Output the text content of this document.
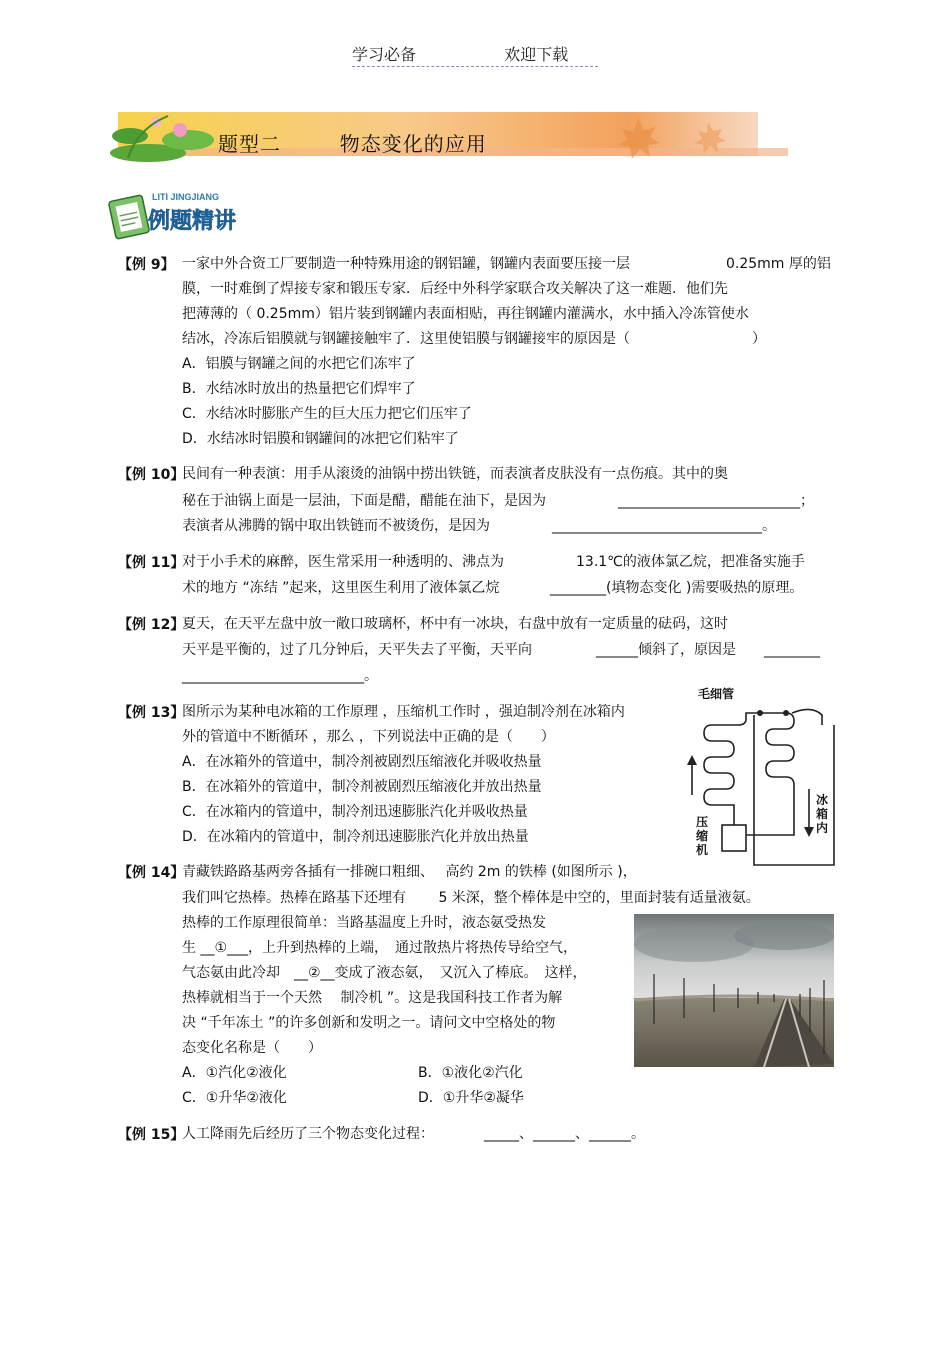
学习必备	欢迎下载
题型二	物态变化的应用
LITI JINGJIANG
例题精讲
【例 9】 一家中外合资工厂要制造一种特殊用途的钢铝罐，钢罐内表面要压接一层	0.25mm 厚的铝
膜，一时难倒了焊接专家和锻压专家．后经中外科学家联合攻关解决了这一难题．他们先
把薄薄的（ 0.25mm）铝片装到钢罐内表面相贴，再往钢罐内灌满水，水中插入冷冻管使水
结冰，冷冻后铝膜就与钢罐接触牢了．这里使铝膜与钢罐接牢的原因是（	）
A．铝膜与钢罐之间的水把它们冻牢了
B．水结冰时放出的热量把它们焊牢了
C．水结冰时膨胀产生的巨大压力把它们压牢了
D．水结冰时铝膜和钢罐间的冰把它们粘牢了
【例 10】
民间有一种表演：用手从滚烫的油锅中捞出铁链，而表演者皮肤没有一点伤痕。其中的奥
秘在于油锅上面是一层油，下面是醋，醋能在油下，是因为	__________________________；
表演者从沸腾的锅中取出铁链而不被烫伤，是因为	______________________________。
【例 11】
对于小手术的麻醉，医生常采用一种透明的、沸点为	13.1℃的液体氯乙烷，把准备实施手
术的地方 “冻结 ”起来，这里医生利用了液体氯乙烷	________(填物态变化 )需要吸热的原理。
【例 12】
夏天，在天平左盘中放一敞口玻璃杯，杯中有一冰块，右盘中放有一定质量的砝码，这时
天平是平衡的，过了几分钟后，天平失去了平衡，天平向	______倾斜了，原因是 ________
__________________________。
【例 13】
图所示为某种电冰箱的工作原理 ，压缩机工作时 ，强迫制冷剂在冰箱内
外的管道中不断循环 ，那么 ，下列说法中正确的是（　　）
A．在冰箱外的管道中，制冷剂被剧烈压缩液化并吸收热量
B．在冰箱外的管道中，制冷剂被剧烈压缩液化并放出热量
C．在冰箱内的管道中，制冷剂迅速膨胀汽化并吸收热量
D．在冰箱内的管道中，制冷剂迅速膨胀汽化并放出热量
毛细管
冰箱内
压缩机
【例 14】
青藏铁路路基两旁各插有一排碗口粗细、　 高约 2m 的铁棒 (如图所示 )，
我们叫它热棒。热棒在路基下还埋有　　 5 米深，整个棒体是中空的，里面封装有适量液氨。
热棒的工作原理很简单：当路基温度上升时，液态氨受热发
生 __①___，上升到热棒的上端，　通过散热片将热传导给空气，
气态氨由此冷却　__②__变成了液态氨，　又沉入了棒底。　这样，
热棒就相当于一个天然　 制冷机 ”。这是我国科技工作者为解
决 “千年冻土 ”的许多创新和发明之一。请问文中空格处的物
态变化名称是（　　）
A．①汽化②液化	B．①液化②汽化
C．①升华②液化	D．①升华②凝华
【例 15】
人工降雨先后经历了三个物态变化过程：	_____、______、______。
